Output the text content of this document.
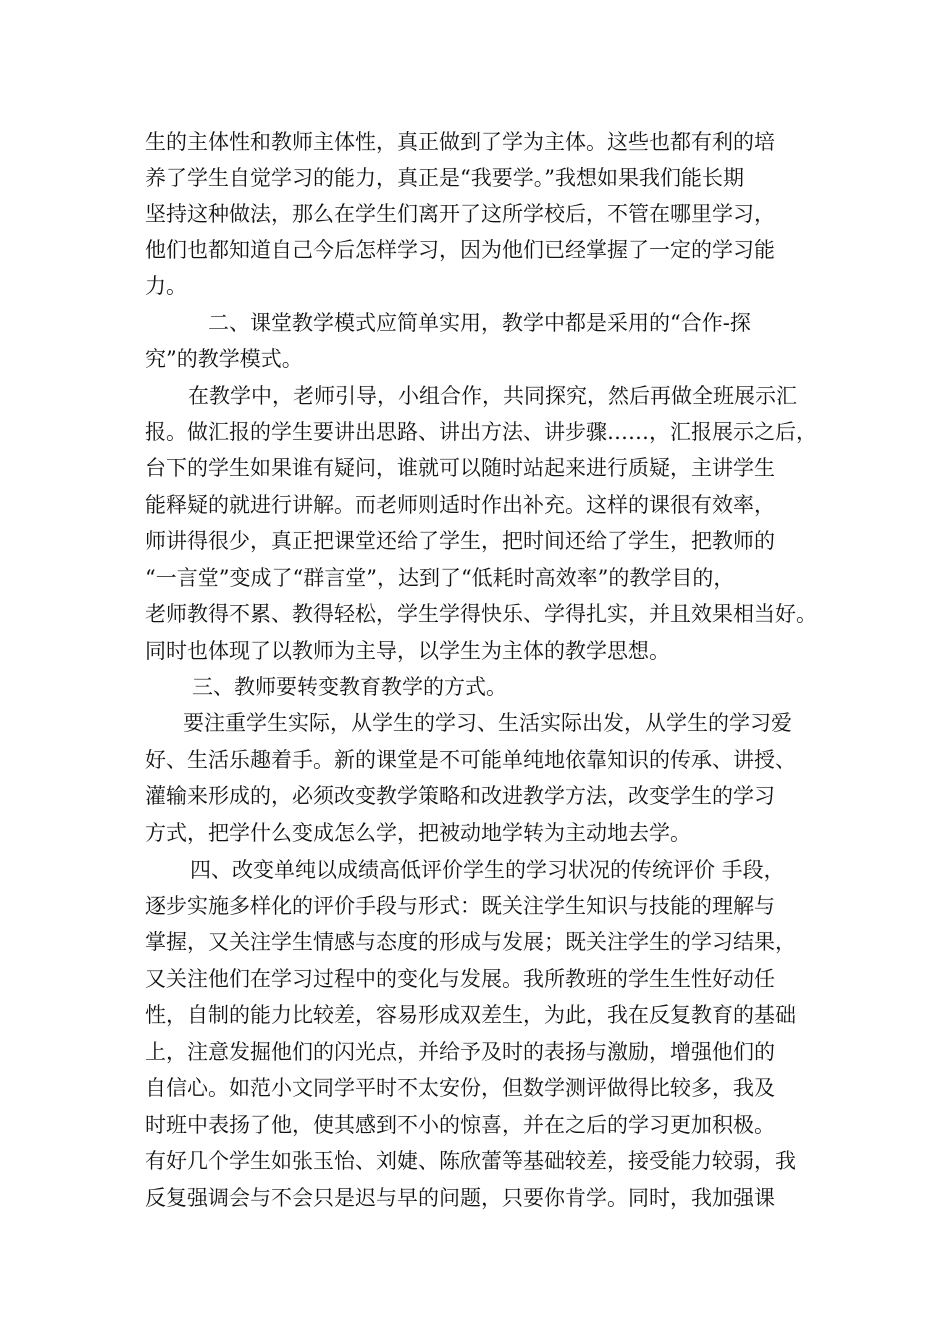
生的主体性和教师主体性，真正做到了学为主体。这些也都有利的培
养了学生自觉学习的能力，真正是“我要学。”我想如果我们能长期
坚持这种做法，那么在学生们离开了这所学校后，不管在哪里学习，
他们也都知道自己今后怎样学习，因为他们已经掌握了一定的学习能
力。
二、课堂教学模式应简单实用，教学中都是采用的“合作-探
究”的教学模式。
在教学中，老师引导，小组合作，共同探究，然后再做全班展示汇
报。做汇报的学生要讲出思路、讲出方法、讲步骤……，汇报展示之后，
台下的学生如果谁有疑问，谁就可以随时站起来进行质疑，主讲学生
能释疑的就进行讲解。而老师则适时作出补充。这样的课很有效率，
师讲得很少，真正把课堂还给了学生，把时间还给了学生，把教师的
“一言堂”变成了“群言堂”，达到了“低耗时高效率”的教学目的，
老师教得不累、教得轻松，学生学得快乐、学得扎实，并且效果相当好。
同时也体现了以教师为主导，以学生为主体的教学思想。
三、教师要转变教育教学的方式。
要注重学生实际，从学生的学习、生活实际出发，从学生的学习爱
好、生活乐趣着手。新的课堂是不可能单纯地依靠知识的传承、讲授、
灌输来形成的，必须改变教学策略和改进教学方法，改变学生的学习
方式，把学什么变成怎么学，把被动地学转为主动地去学。
四、改变单纯以成绩高低评价学生的学习状况的传统评价 手段，
逐步实施多样化的评价手段与形式：既关注学生知识与技能的理解与
掌握，又关注学生情感与态度的形成与发展；既关注学生的学习结果，
又关注他们在学习过程中的变化与发展。我所教班的学生生性好动任
性，自制的能力比较差，容易形成双差生，为此，我在反复教育的基础
上，注意发掘他们的闪光点，并给予及时的表扬与激励，增强他们的
自信心。如范小文同学平时不太安份，但数学测评做得比较多，我及
时班中表扬了他，使其感到不小的惊喜，并在之后的学习更加积极。
有好几个学生如张玉怡、刘婕、陈欣蕾等基础较差，接受能力较弱，我
反复强调会与不会只是迟与早的问题，只要你肯学。同时，我加强课
